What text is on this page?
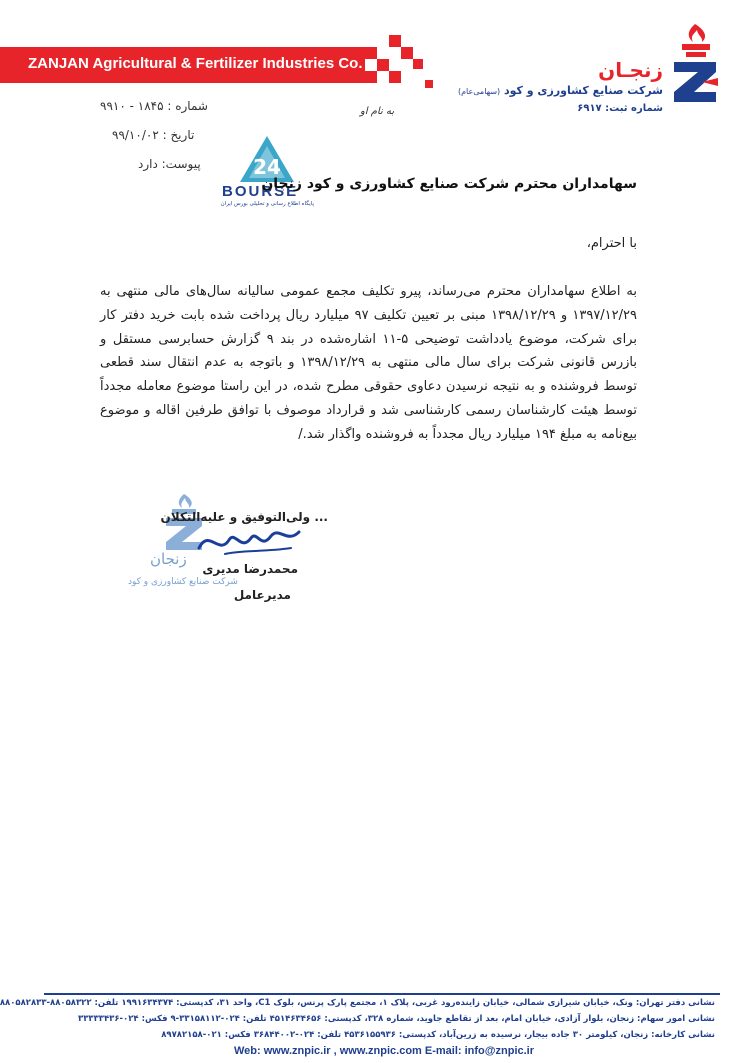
ZANJAN Agricultural & Fertilizer Industries Co.	زنجـان
شرکت صنایع کشاورزی و کود (سهامی‌عام)
شماره ثبت: ۶۹۱۷
شماره : ۱۸۴۵ - ۹۹۱۰
تاریخ : ۹۹/۱۰/۰۲
پیوست: دارد
به نام او
24
BOURSE
پایگاه اطلاع رسانی و تحلیلی بورس ایران
سهامداران محترم شرکت صنایع کشاورزی و کود زنجان
با احترام،
به اطلاع سهامداران محترم می‌رساند، پیرو تکلیف مجمع عمومی سالیانه سال‌های مالی منتهی به ۱۳۹۷/۱۲/۲۹ و ۱۳۹۸/۱۲/۲۹ مبنی بر تعیین تکلیف ۹۷ میلیارد ریال پرداخت شده بابت خرید دفتر کار برای شرکت، موضوع یادداشت توضیحی ۵-۱۱ اشاره‌شده در بند ۹ گزارش حسابرسی مستقل و بازرس قانونی شرکت برای سال مالی منتهی به ۱۳۹۸/۱۲/۲۹ و باتوجه به عدم انتقال سند قطعی توسط فروشنده و به نتیجه نرسیدن دعاوی حقوقی مطرح شده، در این راستا موضوع معامله مجدداً توسط هیئت کارشناسان رسمی کارشناسی شد و قرارداد موصوف با توافق طرفین اقاله و موضوع بیع‌نامه به مبلغ ۱۹۴ میلیارد ریال مجدداً به فروشنده واگذار شد./
زنجان
شرکت صنایع کشاورزی و کود
... ولی‌التوفیق و علیه‌التکلان
محمدرضا مدیری
مدیرعامل
نشانی دفتر تهران: ونک، خیابان شیرازی شمالی، خیابان زاینده‌رود غربی، پلاک ۱، مجتمع پارک پرنس، بلوک C1، واحد ۳۱، کدپستی: ۱۹۹۱۶۳۴۳۷۴ تلفن: ۸۸۰۵۸۳۲۲-۸۸۰۵۸۲۸۳۳
نشانی امور سهام: زنجان، بلوار آزادی، خیابان امام، بعد از تقاطع جاوید، شماره ۳۲۸، کدپستی: ۴۵۱۴۶۳۴۶۵۶ تلفن: ۰۲۴-۳۳۱۵۸۱۱۲-۹ فکس: ۰۲۴-۳۳۳۳۳۴۳۶
نشانی کارخانه: زنجان، کیلومتر ۳۰ جاده بیجار، نرسیده به زرین‌آباد، کدپستی: ۴۵۳۶۱۵۵۹۳۶ تلفن: ۰۲۴-۳۶۸۴۴۰۰۲ فکس: ۰۲۱-۸۹۷۸۲۱۵۸
Web: www.znpic.ir , www.znpic.com E-mail: info@znpic.ir
